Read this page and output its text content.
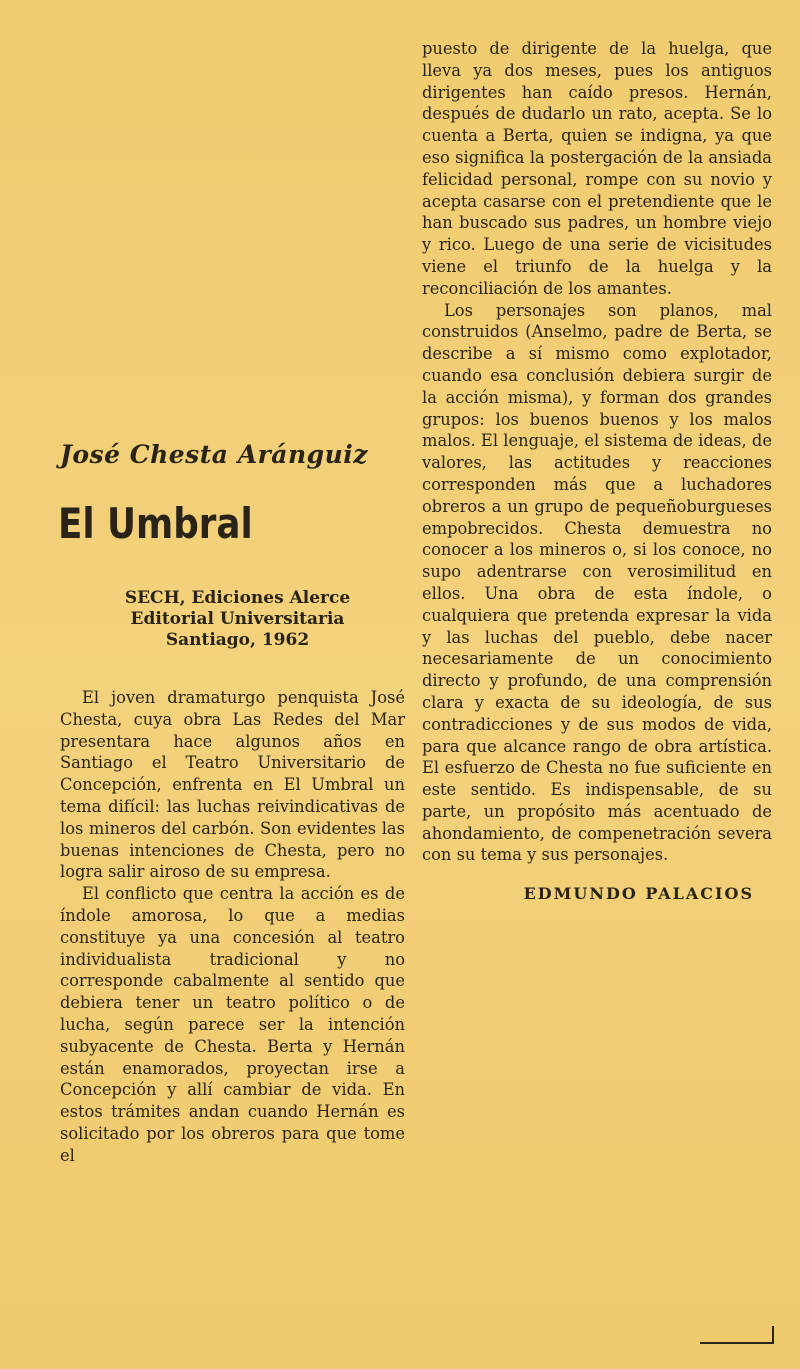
puesto de dirigente de la huelga, que lleva ya dos meses, pues los antiguos dirigentes han caído presos. Hernán, después de dudarlo un rato, acepta. Se lo cuenta a Berta, quien se indigna, ya que eso significa la postergación de la ansiada felicidad personal, rompe con su novio y acepta casarse con el pretendiente que le han buscado sus padres, un hombre viejo y rico. Luego de una serie de vicisitudes viene el triunfo de la huelga y la reconciliación de los amantes.

Los personajes son planos, mal construidos (Anselmo, padre de Berta, se describe a sí mismo como explotador, cuando esa conclusión debiera surgir de la acción misma), y forman dos grandes grupos: los buenos buenos y los malos malos. El lenguaje, el sistema de ideas, de valores, las actitudes y reacciones corresponden más que a luchadores obreros a un grupo de pequeñoburgueses empobrecidos. Chesta demuestra no conocer a los mineros o, si los conoce, no supo adentrarse con verosimilitud en ellos. Una obra de esta índole, o cualquiera que pretenda expresar la vida y las luchas del pueblo, debe nacer necesariamente de un conocimiento directo y profundo, de una comprensión clara y exacta de su ideología, de sus contradicciones y de sus modos de vida, para que alcance rango de obra artística. El esfuerzo de Chesta no fue suficiente en este sentido. Es indispensable, de su parte, un propósito más acentuado de ahondamiento, de compenetración severa con su tema y sus personajes.

EDMUNDO PALACIOS
José Chesta Aránguiz
El Umbral
SECH, Ediciones Alerce
Editorial Universitaria
Santiago, 1962

El joven dramaturgo penquista José Chesta, cuya obra Las Redes del Mar presentara hace algunos años en Santiago el Teatro Universitario de Concepción, enfrenta en El Umbral un tema difícil: las luchas reivindicativas de los mineros del carbón. Son evidentes las buenas intenciones de Chesta, pero no logra salir airoso de su empresa.

El conflicto que centra la acción es de índole amorosa, lo que a medias constituye ya una concesión al teatro individualista tradicional y no corresponde cabalmente al sentido que debiera tener un teatro político o de lucha, según parece ser la intención subyacente de Chesta. Berta y Hernán están enamorados, proyectan irse a Concepción y allí cambiar de vida. En estos trámites andan cuando Hernán es solicitado por los obreros para que tome el
